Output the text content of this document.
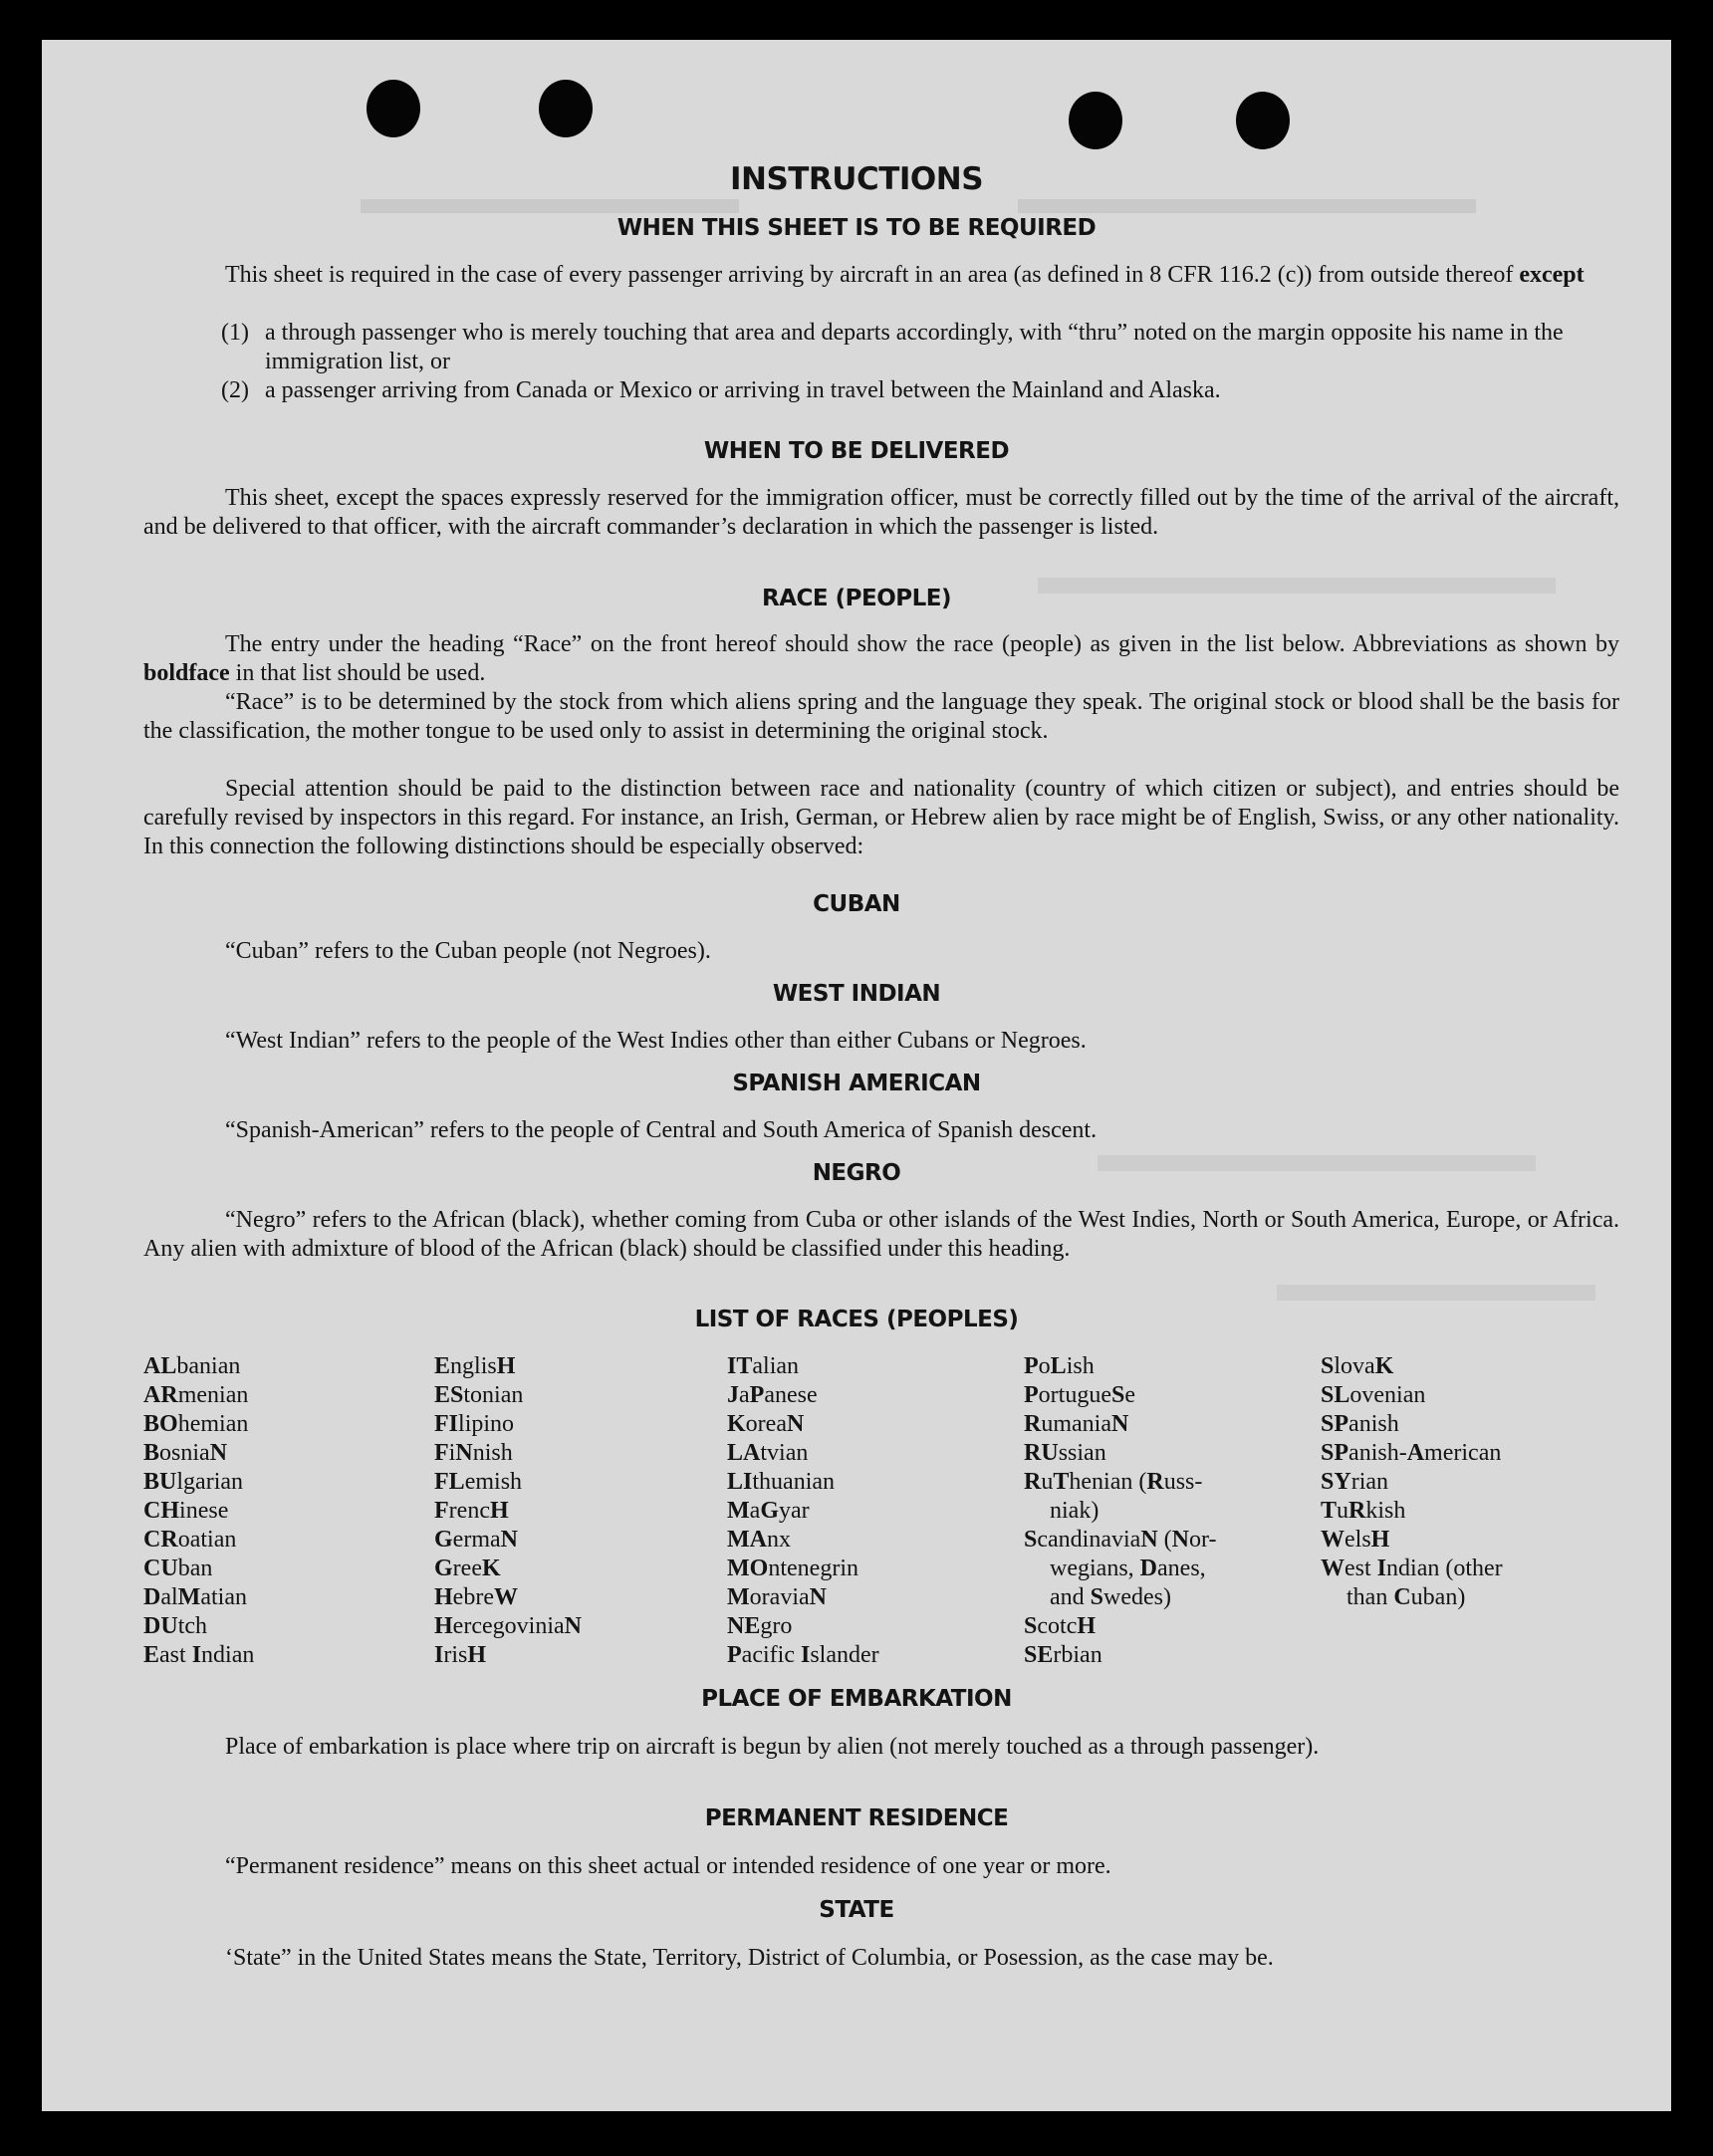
INSTRUCTIONS
WHEN THIS SHEET IS TO BE REQUIRED
This sheet is required in the case of every passenger arriving by aircraft in an area (as defined in 8 CFR 116.2 (c)) from outside thereof except
(1) a through passenger who is merely touching that area and departs accordingly, with “thru” noted on the margin opposite his name in the immigration list, or
(2) a passenger arriving from Canada or Mexico or arriving in travel between the Mainland and Alaska.
WHEN TO BE DELIVERED
This sheet, except the spaces expressly reserved for the immigration officer, must be correctly filled out by the time of the arrival of the aircraft, and be delivered to that officer, with the aircraft commander’s declaration in which the passenger is listed.
RACE (PEOPLE)
The entry under the heading “Race” on the front hereof should show the race (people) as given in the list below. Abbreviations as shown by boldface in that list should be used.
“Race” is to be determined by the stock from which aliens spring and the language they speak. The original stock or blood shall be the basis for the classification, the mother tongue to be used only to assist in determining the original stock.
Special attention should be paid to the distinction between race and nationality (country of which citizen or subject), and entries should be carefully revised by inspectors in this regard. For instance, an Irish, German, or Hebrew alien by race might be of English, Swiss, or any other nationality. In this connection the following distinctions should be especially observed:
CUBAN
“Cuban” refers to the Cuban people (not Negroes).
WEST INDIAN
“West Indian” refers to the people of the West Indies other than either Cubans or Negroes.
SPANISH AMERICAN
“Spanish-American” refers to the people of Central and South America of Spanish descent.
NEGRO
“Negro” refers to the African (black), whether coming from Cuba or other islands of the West Indies, North or South America, Europe, or Africa. Any alien with admixture of blood of the African (black) should be classified under this heading.
LIST OF RACES (PEOPLES)
ALbanian
ARmenian
BOhemian
BosniaN
BUlgarian
CHinese
CRoatian
CUban
DalMatian
DUtch
East Indian
EnglisH
EStonian
FIlipino
FiNnish
FLemish
FrencH
GermaN
GreeK
HebreW
HercegoviniaN
IrisH
ITalian
JaPanese
KoreaN
LAtvian
LIthuanian
MaGyar
MAnx
MOntenegrin
MoraviaN
NEgro
Pacific Islander
PoLish
PortugueSe
RumaniaN
RUssian
RuThenian (Russ-
niak)
ScandinaviaN (Nor-
wegians, Danes,
and Swedes)
ScotcH
SErbian
SlovaK
SLovenian
SPanish
SPanish-American
SYrian
TuRkish
WelsH
West Indian (other
than Cuban)
PLACE OF EMBARKATION
Place of embarkation is place where trip on aircraft is begun by alien (not merely touched as a through passenger).
PERMANENT RESIDENCE
“Permanent residence” means on this sheet actual or intended residence of one year or more.
STATE
‘State” in the United States means the State, Territory, District of Columbia, or Posession, as the case may be.
